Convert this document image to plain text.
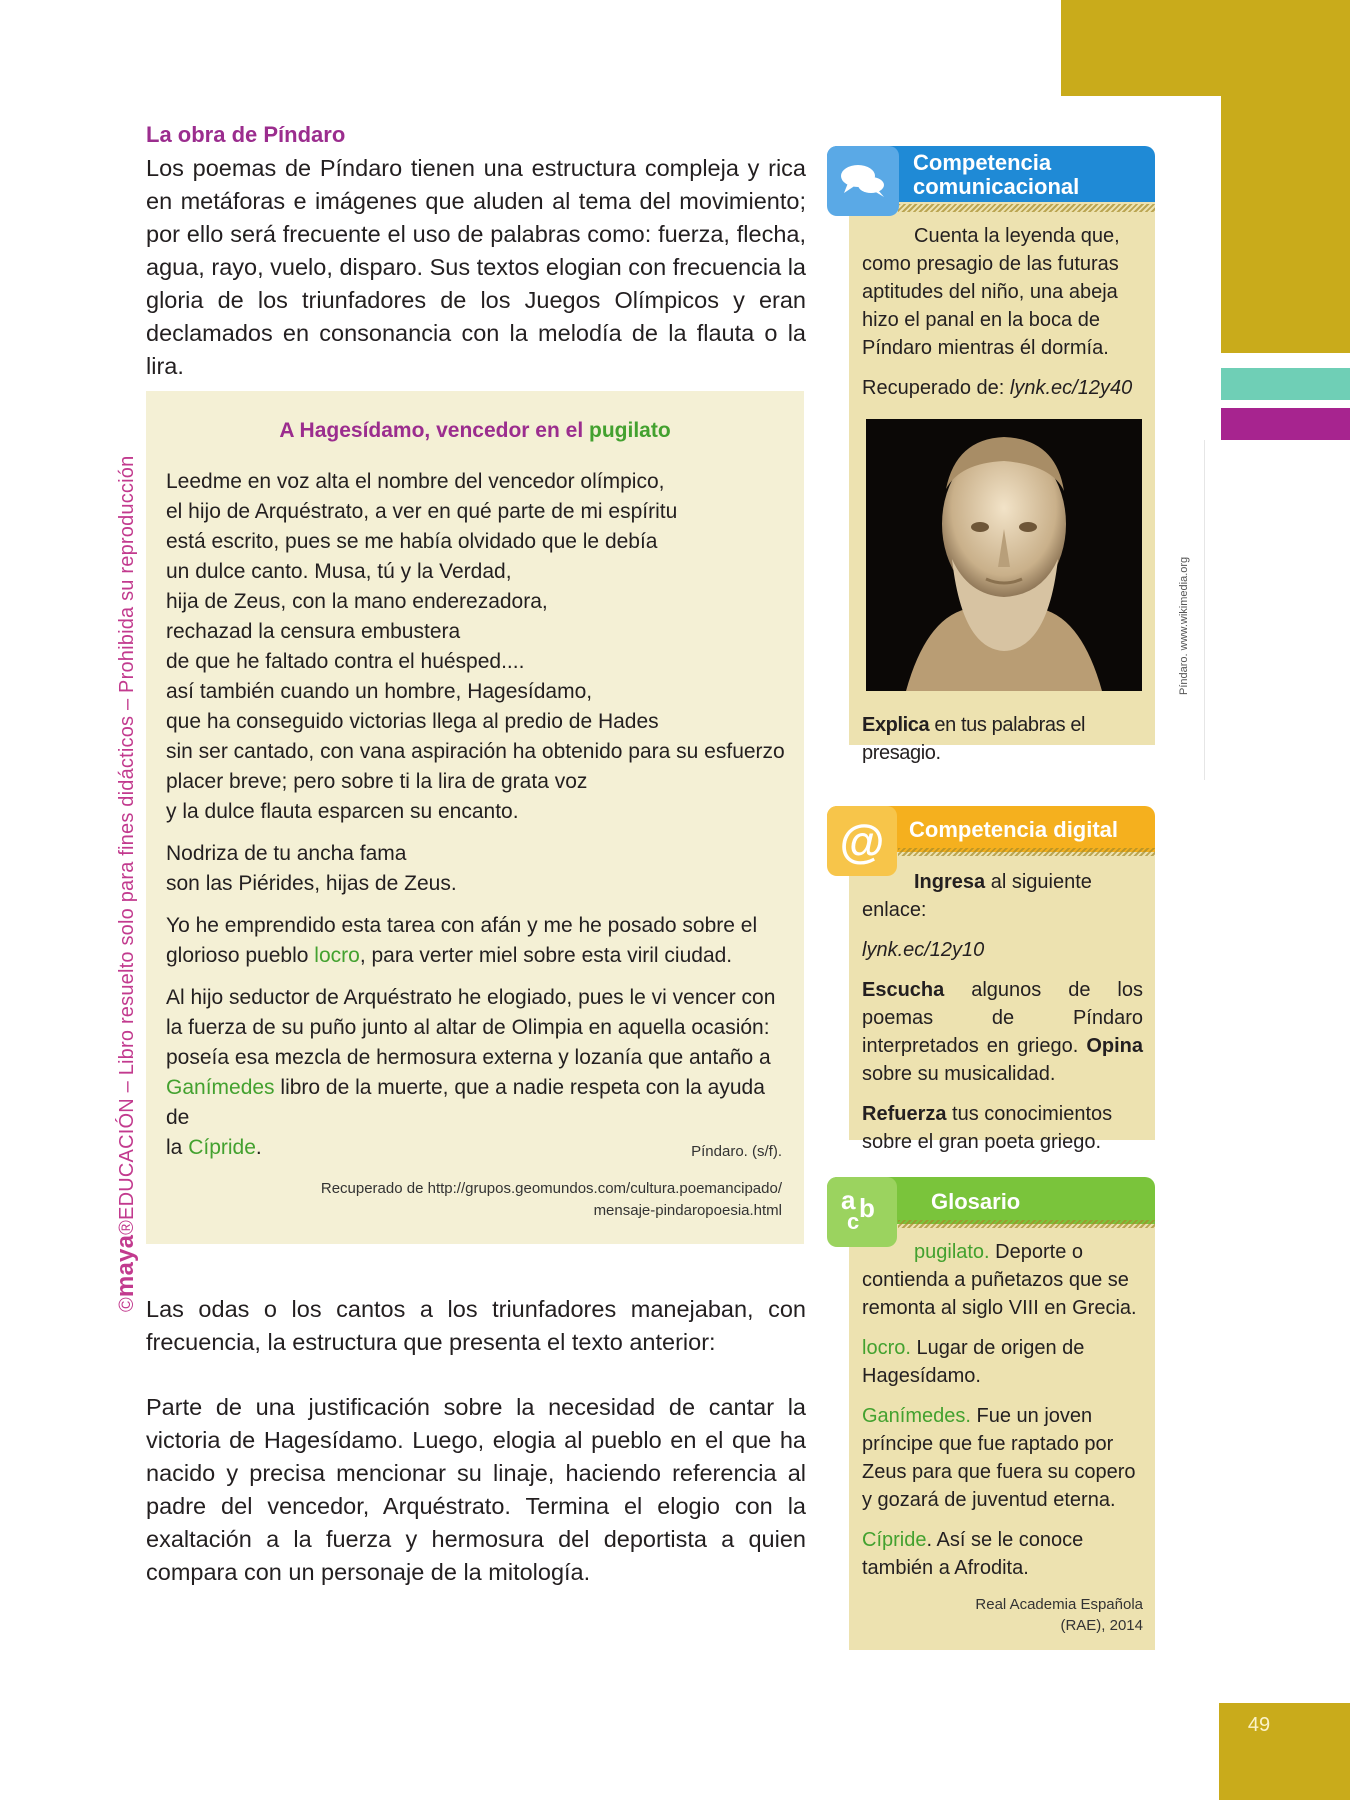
49
©maya®EDUCACIÓN – Libro resuelto solo para fines didácticos – Prohibida su reproducción
La obra de Píndaro

Los poemas de Píndaro tienen una estructura compleja y rica en metáforas e imágenes que aluden al tema del movimiento; por ello será frecuente el uso de palabras como: fuerza, flecha, agua, rayo, vuelo, disparo. Sus textos elogian con frecuencia la gloria de los triunfadores de los Juegos Olímpicos y eran declamados en consonancia con la melodía de la flauta o la lira.

A Hagesídamo, vencedor en el pugilato
Leedme en voz alta el nombre del vencedor olímpico,
el hijo de Arquéstrato, a ver en qué parte de mi espíritu
está escrito, pues se me había olvidado que le debía
un dulce canto. Musa, tú y la Verdad,
hija de Zeus, con la mano enderezadora,
rechazad la censura embustera
de que he faltado contra el huésped....
así también cuando un hombre, Hagesídamo,
que ha conseguido victorias llega al predio de Hades
sin ser cantado, con vana aspiración ha obtenido para su esfuerzo
placer breve; pero sobre ti la lira de grata voz
y la dulce flauta esparcen su encanto.
Nodriza de tu ancha fama
son las Piérides, hijas de Zeus.
Yo he emprendido esta tarea con afán y me he posado sobre el
glorioso pueblo locro, para verter miel sobre esta viril ciudad.
Al hijo seductor de Arquéstrato he elogiado, pues le vi vencer con
la fuerza de su puño junto al altar de Olimpia en aquella ocasión:
poseía esa mezcla de hermosura externa y lozanía que antaño a
Ganímedes libro de la muerte, que a nadie respeta con la ayuda de
la Cípride.	Píndaro. (s/f).
Recuperado de http://grupos.geomundos.com/cultura.poemancipado/
mensaje-pindaropoesia.html

Las odas o los cantos a los triunfadores manejaban, con frecuencia, la estructura que presenta el texto anterior:

Parte de una justificación sobre la necesidad de cantar la victoria de Hagesídamo. Luego, elogia al pueblo en el que ha nacido y precisa mencionar su linaje, haciendo referencia al padre del vencedor, Arquéstrato. Termina el elogio con la exaltación a la fuerza y hermosura del deportista a quien compara con un personaje de la mitología.

Competencia
comunicacional

Cuenta la leyenda que, como presagio de las futuras aptitudes del niño, una abeja hizo el panal en la boca de Píndaro mientras él dormía.

Recuperado de: lynk.ec/12y40

Píndaro. www.wikimedia.org

Explica en tus palabras el presagio.

@	Competencia digital

Ingresa al siguiente enlace:

lynk.ec/12y10

Escucha algunos de los poemas de Píndaro interpretados en griego. Opina sobre su musicalidad.

Refuerza tus conocimientos sobre el gran poeta griego.

a b
c
Glosario

pugilato. Deporte o contienda a puñetazos que se remonta al siglo VIII en Grecia.

locro. Lugar de origen de Hagesídamo.

Ganímedes. Fue un joven príncipe que fue raptado por Zeus para que fuera su copero y gozará de juventud eterna.

Cípride. Así se le conoce también a Afrodita.

Real Academia Española
(RAE), 2014
